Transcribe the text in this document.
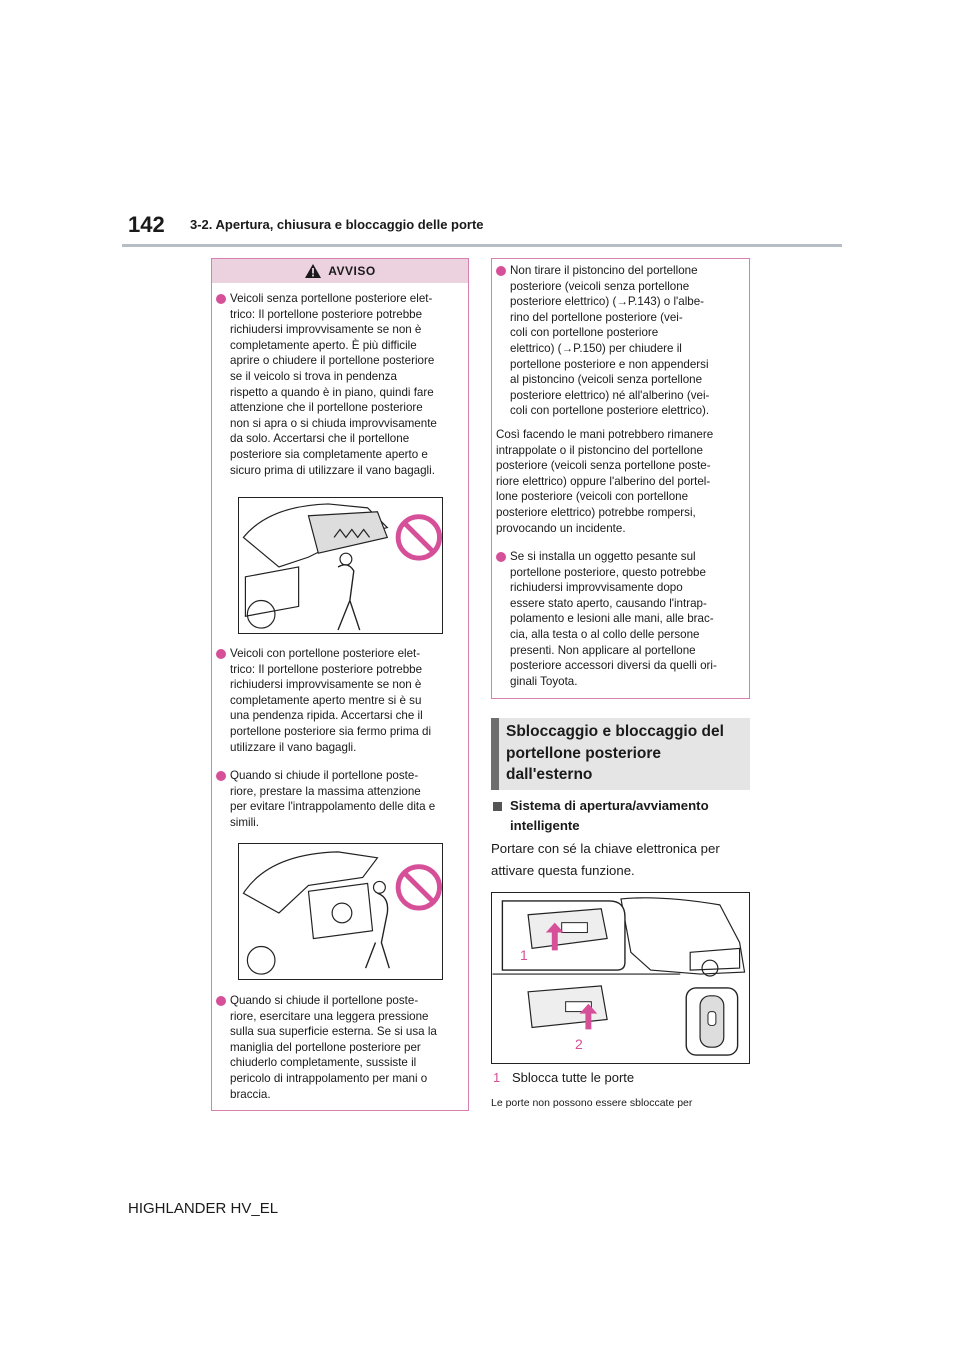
142 3-2. Apertura, chiusura e bloccaggio delle porte
AVVISO
Veicoli senza portellone posteriore elet-
trico: Il portellone posteriore potrebbe
richiudersi improvvisamente se non è
completamente aperto. È più difficile
aprire o chiudere il portellone posteriore
se il veicolo si trova in pendenza
rispetto a quando è in piano, quindi fare
attenzione che il portellone posteriore
non si apra o si chiuda improvvisamente
da solo. Accertarsi che il portellone
posteriore sia completamente aperto e
sicuro prima di utilizzare il vano bagagli.
Veicoli con portellone posteriore elet-
trico: Il portellone posteriore potrebbe
richiudersi improvvisamente se non è
completamente aperto mentre si è su
una pendenza ripida. Accertarsi che il
portellone posteriore sia fermo prima di
utilizzare il vano bagagli.
Quando si chiude il portellone poste-
riore, prestare la massima attenzione
per evitare l'intrappolamento delle dita e
simili.
Quando si chiude il portellone poste-
riore, esercitare una leggera pressione
sulla sua superficie esterna. Se si usa la
maniglia del portellone posteriore per
chiuderlo completamente, sussiste il
pericolo di intrappolamento per mani o
braccia.
Non tirare il pistoncino del portellone
posteriore (veicoli senza portellone
posteriore elettrico) (→P.143) o l'albe-
rino del portellone posteriore (vei-
coli con portellone posteriore
elettrico) (→P.150) per chiudere il
portellone posteriore e non appendersi
al pistoncino (veicoli senza portellone
posteriore elettrico) né all'alberino (vei-
coli con portellone posteriore elettrico).
Così facendo le mani potrebbero rimanere
intrappolate o il pistoncino del portellone
posteriore (veicoli senza portellone poste-
riore elettrico) oppure l'alberino del portel-
lone posteriore (veicoli con portellone
posteriore elettrico) potrebbe rompersi,
provocando un incidente.
Se si installa un oggetto pesante sul
portellone posteriore, questo potrebbe
richiudersi improvvisamente dopo
essere stato aperto, causando l'intrap-
polamento e lesioni alle mani, alle brac-
cia, alla testa o al collo delle persone
presenti. Non applicare al portellone
posteriore accessori diversi da quelli ori-
ginali Toyota.
Sbloccaggio e bloccaggio del
portellone posteriore
dall'esterno
Sistema di apertura/avviamento
intelligente
Portare con sé la chiave elettronica per
attivare questa funzione.
1
2
1 Sblocca tutte le porte
Le porte non possono essere sbloccate per
HIGHLANDER HV_EL
